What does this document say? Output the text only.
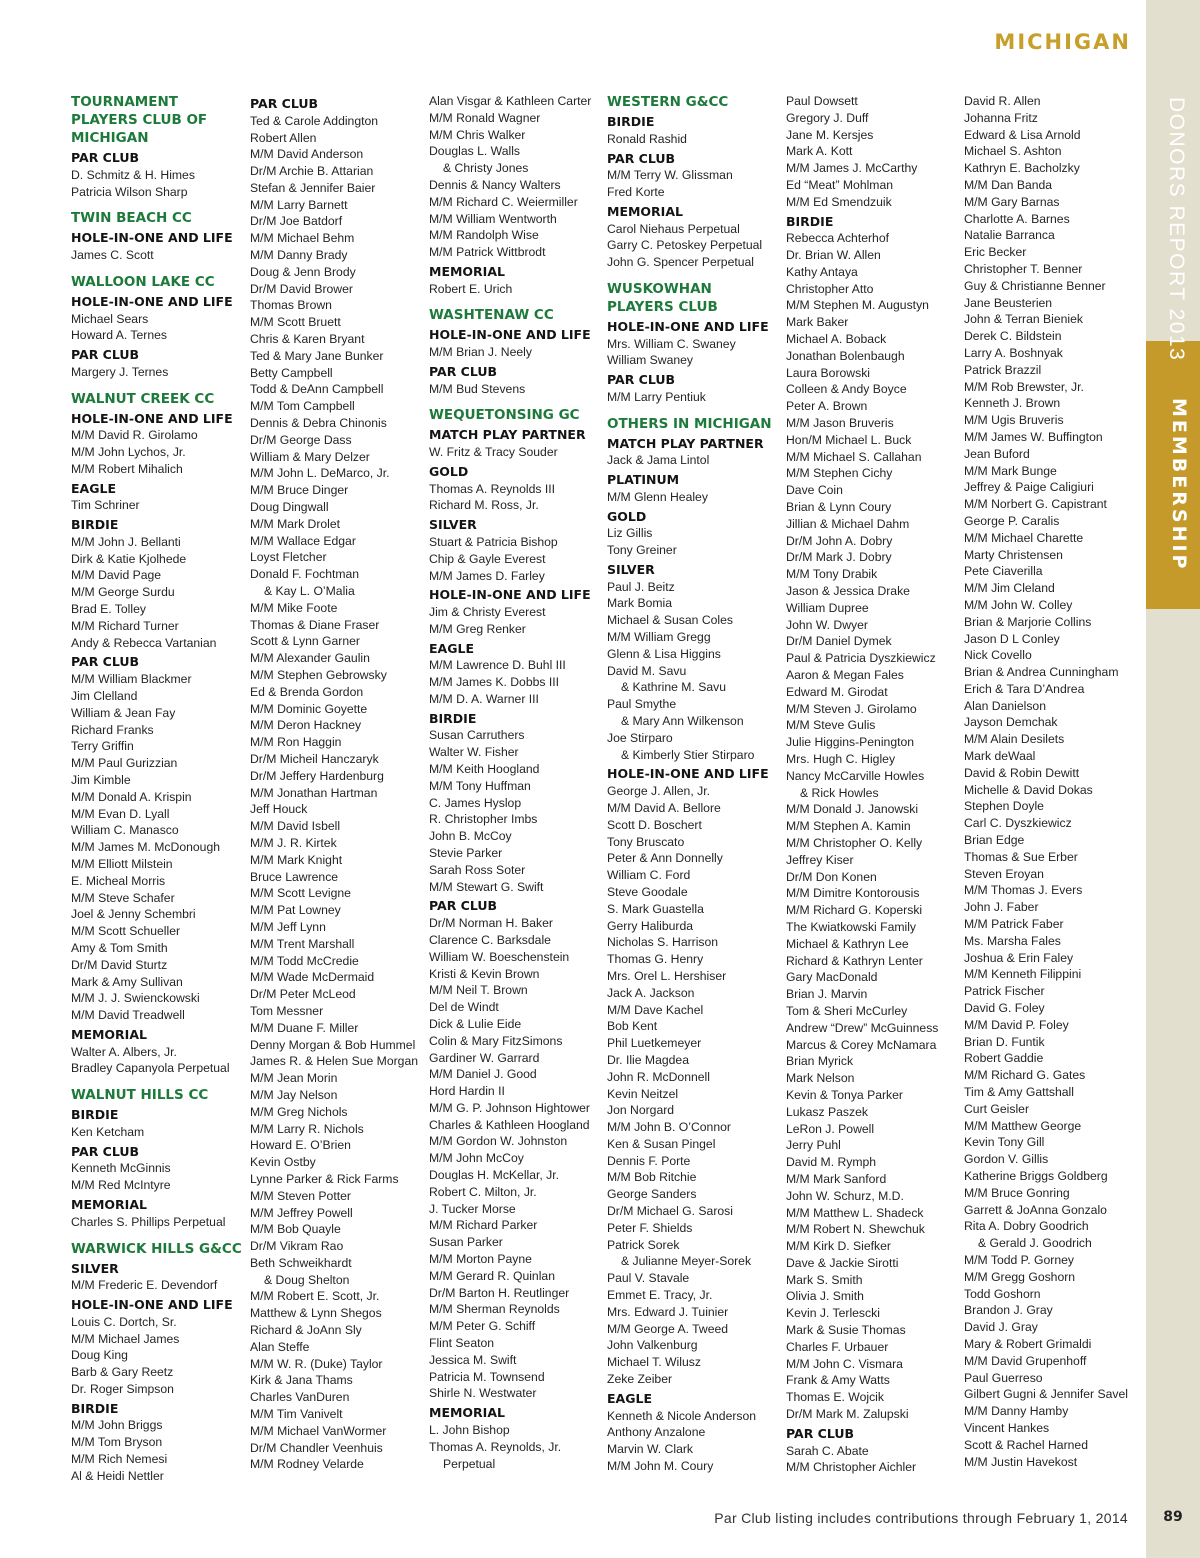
DONORS REPORT 2013
MEMBERSHIP
MICHIGAN
TOURNAMENT PLAYERS CLUB OF MICHIGAN
PAR CLUB
D. Schmitz & H. Himes
Patricia Wilson Sharp
TWIN BEACH CC
HOLE-IN-ONE AND LIFE
James C. Scott
WALLOON LAKE CC
HOLE-IN-ONE AND LIFE
Michael Sears
Howard A. Ternes
PAR CLUB
Margery J. Ternes
WALNUT CREEK CC
HOLE-IN-ONE AND LIFE
M/M David R. Girolamo
M/M John Lychos, Jr.
M/M Robert Mihalich
EAGLE
Tim Schriner
BIRDIE
M/M John J. Bellanti
Dirk & Katie Kjolhede
M/M David Page
M/M George Surdu
Brad E. Tolley
M/M Richard Turner
Andy & Rebecca Vartanian
PAR CLUB
M/M William Blackmer
Jim Clelland
William & Jean Fay
Richard Franks
Terry Griffin
M/M Paul Gurizzian
Jim Kimble
M/M Donald A. Krispin
M/M Evan D. Lyall
William C. Manasco
M/M James M. McDonough
M/M Elliott Milstein
E. Micheal Morris
M/M Steve Schafer
Joel & Jenny Schembri
M/M Scott Schueller
Amy & Tom Smith
Dr/M David Sturtz
Mark & Amy Sullivan
M/M J. J. Swienckowski
M/M David Treadwell
MEMORIAL
Walter A. Albers, Jr.
Bradley Capanyola Perpetual
WALNUT HILLS CC
BIRDIE
Ken Ketcham
PAR CLUB
Kenneth McGinnis
M/M Red McIntyre
MEMORIAL
Charles S. Phillips Perpetual
WARWICK HILLS G&CC
SILVER
M/M Frederic E. Devendorf
HOLE-IN-ONE AND LIFE
Louis C. Dortch, Sr.
M/M Michael James
Doug King
Barb & Gary Reetz
Dr. Roger Simpson
BIRDIE
M/M John Briggs
M/M Tom Bryson
M/M Rich Nemesi
Al & Heidi Nettler
PAR CLUB
Ted & Carole Addington
Robert Allen
M/M David Anderson
Dr/M Archie B. Attarian
Stefan & Jennifer Baier
M/M Larry Barnett
Dr/M Joe Batdorf
M/M Michael Behm
M/M Danny Brady
Doug & Jenn Brody
Dr/M David Brower
Thomas Brown
M/M Scott Bruett
Chris & Karen Bryant
Ted & Mary Jane Bunker
Betty Campbell
Todd & DeAnn Campbell
M/M Tom Campbell
Dennis & Debra Chinonis
Dr/M George Dass
William & Mary Delzer
M/M John L. DeMarco, Jr.
M/M Bruce Dinger
Doug Dingwall
M/M Mark Drolet
M/M Wallace Edgar
Loyst Fletcher
Donald F. Fochtman
& Kay L. O’Malia
M/M Mike Foote
Thomas & Diane Fraser
Scott & Lynn Garner
M/M Alexander Gaulin
M/M Stephen Gebrowsky
Ed & Brenda Gordon
M/M Dominic Goyette
M/M Deron Hackney
M/M Ron Haggin
Dr/M Micheil Hanczaryk
Dr/M Jeffery Hardenburg
M/M Jonathan Hartman
Jeff Houck
M/M David Isbell
M/M J. R. Kirtek
M/M Mark Knight
Bruce Lawrence
M/M Scott Levigne
M/M Pat Lowney
M/M Jeff Lynn
M/M Trent Marshall
M/M Todd McCredie
M/M Wade McDermaid
Dr/M Peter McLeod
Tom Messner
M/M Duane F. Miller
Denny Morgan & Bob Hummel
James R. & Helen Sue Morgan
M/M Jean Morin
M/M Jay Nelson
M/M Greg Nichols
M/M Larry R. Nichols
Howard E. O’Brien
Kevin Ostby
Lynne Parker & Rick Farms
M/M Steven Potter
M/M Jeffrey Powell
M/M Bob Quayle
Dr/M Vikram Rao
Beth Schweikhardt
& Doug Shelton
M/M Robert E. Scott, Jr.
Matthew & Lynn Shegos
Richard & JoAnn Sly
Alan Steffe
M/M W. R. (Duke) Taylor
Kirk & Jana Thams
Charles VanDuren
M/M Tim Vanivelt
M/M Michael VanWormer
Dr/M Chandler Veenhuis
M/M Rodney Velarde
Alan Visgar & Kathleen Carter
M/M Ronald Wagner
M/M Chris Walker
Douglas L. Walls
& Christy Jones
Dennis & Nancy Walters
M/M Richard C. Weiermiller
M/M William Wentworth
M/M Randolph Wise
M/M Patrick Wittbrodt
MEMORIAL
Robert E. Urich
WASHTENAW CC
HOLE-IN-ONE AND LIFE
M/M Brian J. Neely
PAR CLUB
M/M Bud Stevens
WEQUETONSING GC
MATCH PLAY PARTNER
W. Fritz & Tracy Souder
GOLD
Thomas A. Reynolds III
Richard M. Ross, Jr.
SILVER
Stuart & Patricia Bishop
Chip & Gayle Everest
M/M James D. Farley
HOLE-IN-ONE AND LIFE
Jim & Christy Everest
M/M Greg Renker
EAGLE
M/M Lawrence D. Buhl III
M/M James K. Dobbs III
M/M D. A. Warner III
BIRDIE
Susan Carruthers
Walter W. Fisher
M/M Keith Hoogland
M/M Tony Huffman
C. James Hyslop
R. Christopher Imbs
John B. McCoy
Stevie Parker
Sarah Ross Soter
M/M Stewart G. Swift
PAR CLUB
Dr/M Norman H. Baker
Clarence C. Barksdale
William W. Boeschenstein
Kristi & Kevin Brown
M/M Neil T. Brown
Del de Windt
Dick & Lulie Eide
Colin & Mary FitzSimons
Gardiner W. Garrard
M/M Daniel J. Good
Hord Hardin II
M/M G. P. Johnson Hightower
Charles & Kathleen Hoogland
M/M Gordon W. Johnston
M/M John McCoy
Douglas H. McKellar, Jr.
Robert C. Milton, Jr.
J. Tucker Morse
M/M Richard Parker
Susan Parker
M/M Morton Payne
M/M Gerard R. Quinlan
Dr/M Barton H. Reutlinger
M/M Sherman Reynolds
M/M Peter G. Schiff
Flint Seaton
Jessica M. Swift
Patricia M. Townsend
Shirle N. Westwater
MEMORIAL
L. John Bishop
Thomas A. Reynolds, Jr.
Perpetual
WESTERN G&CC
BIRDIE
Ronald Rashid
PAR CLUB
M/M Terry W. Glissman
Fred Korte
MEMORIAL
Carol Niehaus Perpetual
Garry C. Petoskey Perpetual
John G. Spencer Perpetual
WUSKOWHAN PLAYERS CLUB
HOLE-IN-ONE AND LIFE
Mrs. William C. Swaney
William Swaney
PAR CLUB
M/M Larry Pentiuk
OTHERS IN MICHIGAN
MATCH PLAY PARTNER
Jack & Jama Lintol
PLATINUM
M/M Glenn Healey
GOLD
Liz Gillis
Tony Greiner
SILVER
Paul J. Beitz
Mark Bomia
Michael & Susan Coles
M/M William Gregg
Glenn & Lisa Higgins
David M. Savu
& Kathrine M. Savu
Paul Smythe
& Mary Ann Wilkenson
Joe Stirparo
& Kimberly Stier Stirparo
HOLE-IN-ONE AND LIFE
George J. Allen, Jr.
M/M David A. Bellore
Scott D. Boschert
Tony Bruscato
Peter & Ann Donnelly
William C. Ford
Steve Goodale
S. Mark Guastella
Gerry Haliburda
Nicholas S. Harrison
Thomas G. Henry
Mrs. Orel L. Hershiser
Jack A. Jackson
M/M Dave Kachel
Bob Kent
Phil Luetkemeyer
Dr. Ilie Magdea
John R. McDonnell
Kevin Neitzel
Jon Norgard
M/M John B. O’Connor
Ken & Susan Pingel
Dennis F. Porte
M/M Bob Ritchie
George Sanders
Dr/M Michael G. Sarosi
Peter F. Shields
Patrick Sorek
& Julianne Meyer-Sorek
Paul V. Stavale
Emmet E. Tracy, Jr.
Mrs. Edward J. Tuinier
M/M George A. Tweed
John Valkenburg
Michael T. Wilusz
Zeke Zeiber
EAGLE
Kenneth & Nicole Anderson
Anthony Anzalone
Marvin W. Clark
M/M John M. Coury
Paul Dowsett
Gregory J. Duff
Jane M. Kersjes
Mark A. Kott
M/M James J. McCarthy
Ed “Meat” Mohlman
M/M Ed Smendzuik
BIRDIE
Rebecca Achterhof
Dr. Brian W. Allen
Kathy Antaya
Christopher Atto
M/M Stephen M. Augustyn
Mark Baker
Michael A. Boback
Jonathan Bolenbaugh
Laura Borowski
Colleen & Andy Boyce
Peter A. Brown
M/M Jason Bruveris
Hon/M Michael L. Buck
M/M Michael S. Callahan
M/M Stephen Cichy
Dave Coin
Brian & Lynn Coury
Jillian & Michael Dahm
Dr/M John A. Dobry
Dr/M Mark J. Dobry
M/M Tony Drabik
Jason & Jessica Drake
William Dupree
John W. Dwyer
Dr/M Daniel Dymek
Paul & Patricia Dyszkiewicz
Aaron & Megan Fales
Edward M. Girodat
M/M Steven J. Girolamo
M/M Steve Gulis
Julie Higgins-Penington
Mrs. Hugh C. Higley
Nancy McCarville Howles
& Rick Howles
M/M Donald J. Janowski
M/M Stephen A. Kamin
M/M Christopher O. Kelly
Jeffrey Kiser
Dr/M Don Konen
M/M Dimitre Kontorousis
M/M Richard G. Koperski
The Kwiatkowski Family
Michael & Kathryn Lee
Richard & Kathryn Lenter
Gary MacDonald
Brian J. Marvin
Tom & Sheri McCurley
Andrew “Drew” McGuinness
Marcus & Corey McNamara
Brian Myrick
Mark Nelson
Kevin & Tonya Parker
Lukasz Paszek
LeRon J. Powell
Jerry Puhl
David M. Rymph
M/M Mark Sanford
John W. Schurz, M.D.
M/M Matthew L. Shadeck
M/M Robert N. Shewchuk
M/M Kirk D. Siefker
Dave & Jackie Sirotti
Mark S. Smith
Olivia J. Smith
Kevin J. Terlescki
Mark & Susie Thomas
Charles F. Urbauer
M/M John C. Vismara
Frank & Amy Watts
Thomas E. Wojcik
Dr/M Mark M. Zalupski
PAR CLUB
Sarah C. Abate
M/M Christopher Aichler
David R. Allen
Johanna Fritz
Edward & Lisa Arnold
Michael S. Ashton
Kathryn E. Bacholzky
M/M Dan Banda
M/M Gary Barnas
Charlotte A. Barnes
Natalie Barranca
Eric Becker
Christopher T. Benner
Guy & Christianne Benner
Jane Beusterien
John & Terran Bieniek
Derek C. Bildstein
Larry A. Boshnyak
Patrick Brazzil
M/M Rob Brewster, Jr.
Kenneth J. Brown
M/M Ugis Bruveris
M/M James W. Buffington
Jean Buford
M/M Mark Bunge
Jeffrey & Paige Caligiuri
M/M Norbert G. Capistrant
George P. Caralis
M/M Michael Charette
Marty Christensen
Pete Ciaverilla
M/M Jim Cleland
M/M John W. Colley
Brian & Marjorie Collins
Jason D L Conley
Nick Covello
Brian & Andrea Cunningham
Erich & Tara D’Andrea
Alan Danielson
Jayson Demchak
M/M Alain Desilets
Mark deWaal
David & Robin Dewitt
Michelle & David Dokas
Stephen Doyle
Carl C. Dyszkiewicz
Brian Edge
Thomas & Sue Erber
Steven Eroyan
M/M Thomas J. Evers
John J. Faber
M/M Patrick Faber
Ms. Marsha Fales
Joshua & Erin Faley
M/M Kenneth Filippini
Patrick Fischer
David G. Foley
M/M David P. Foley
Brian D. Funtik
Robert Gaddie
M/M Richard G. Gates
Tim & Amy Gattshall
Curt Geisler
M/M Matthew George
Kevin Tony Gill
Gordon V. Gillis
Katherine Briggs Goldberg
M/M Bruce Gonring
Garrett & JoAnna Gonzalo
Rita A. Dobry Goodrich
& Gerald J. Goodrich
M/M Todd P. Gorney
M/M Gregg Goshorn
Todd Goshorn
Brandon J. Gray
David J. Gray
Mary & Robert Grimaldi
M/M David Grupenhoff
Paul Guerreso
Gilbert Gugni & Jennifer Savel
M/M Danny Hamby
Vincent Hankes
Scott & Rachel Harned
M/M Justin Havekost
Par Club listing includes contributions through February 1, 2014	89
